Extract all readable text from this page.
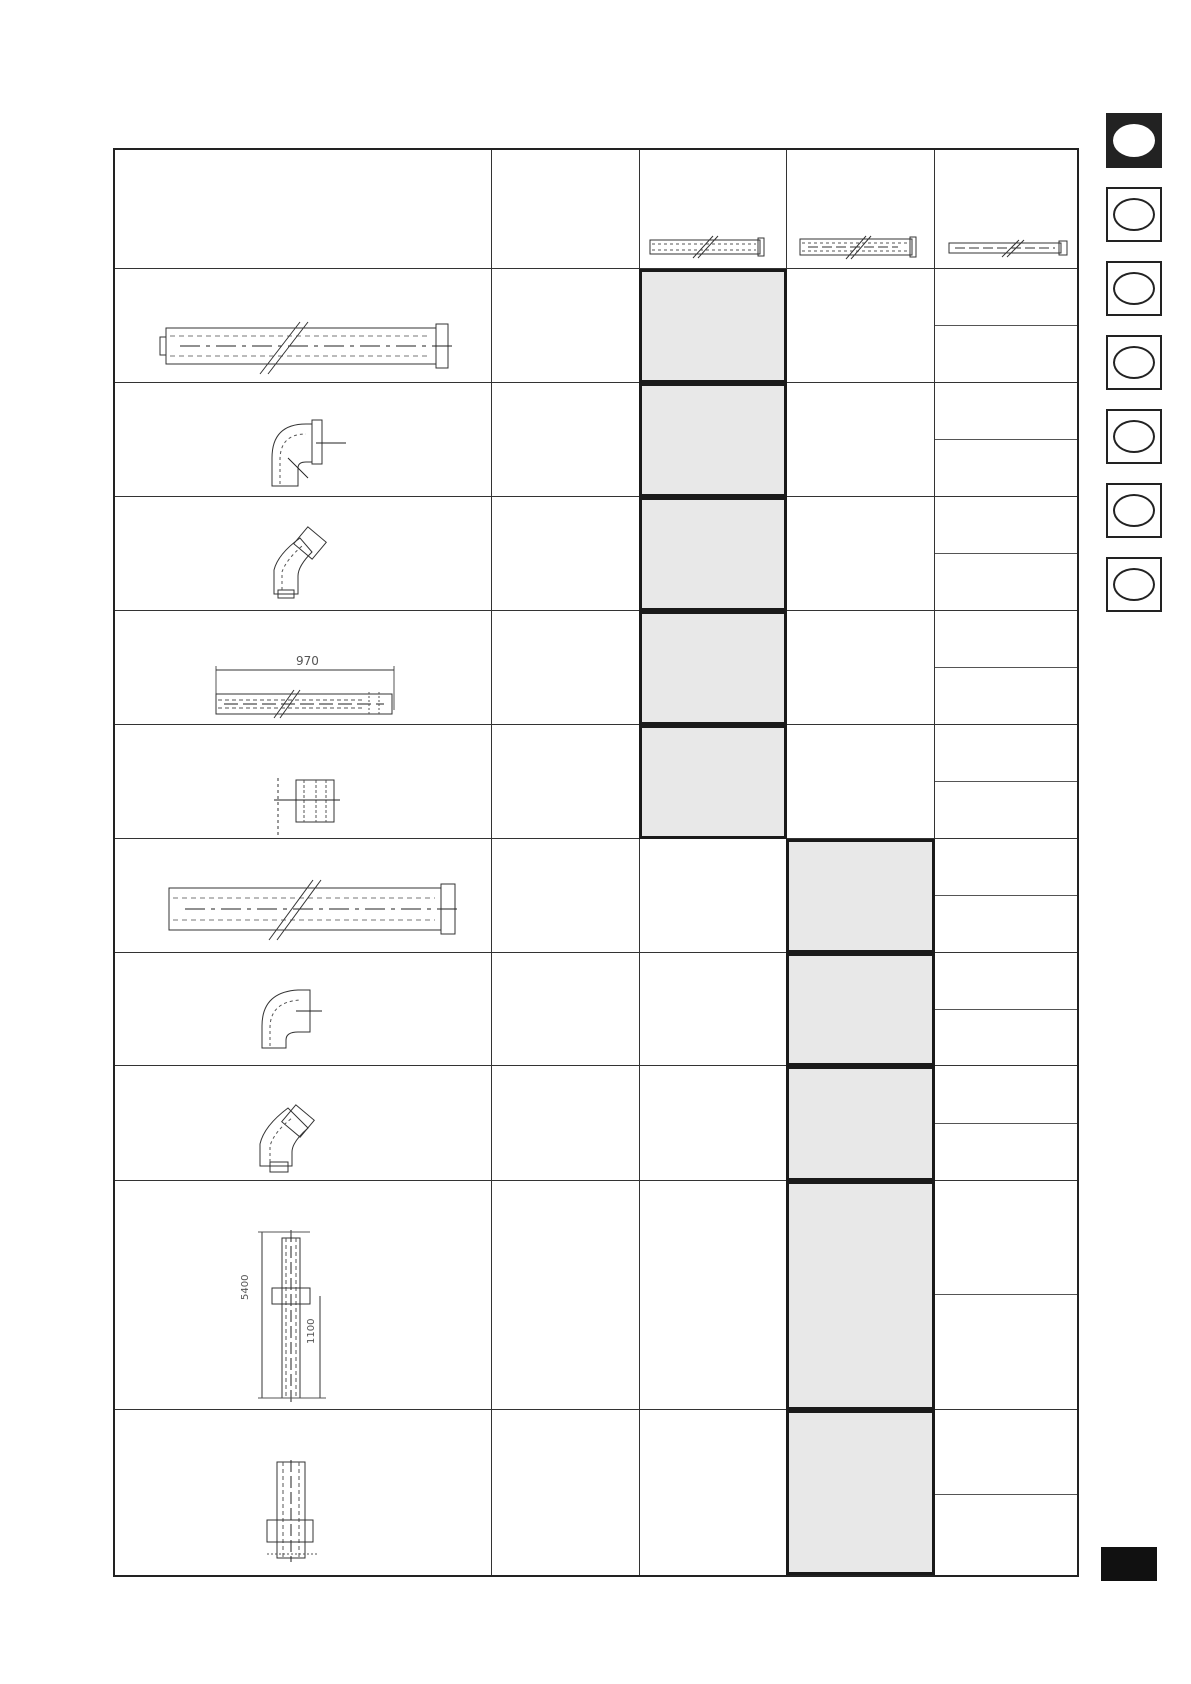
970
5400
1100
